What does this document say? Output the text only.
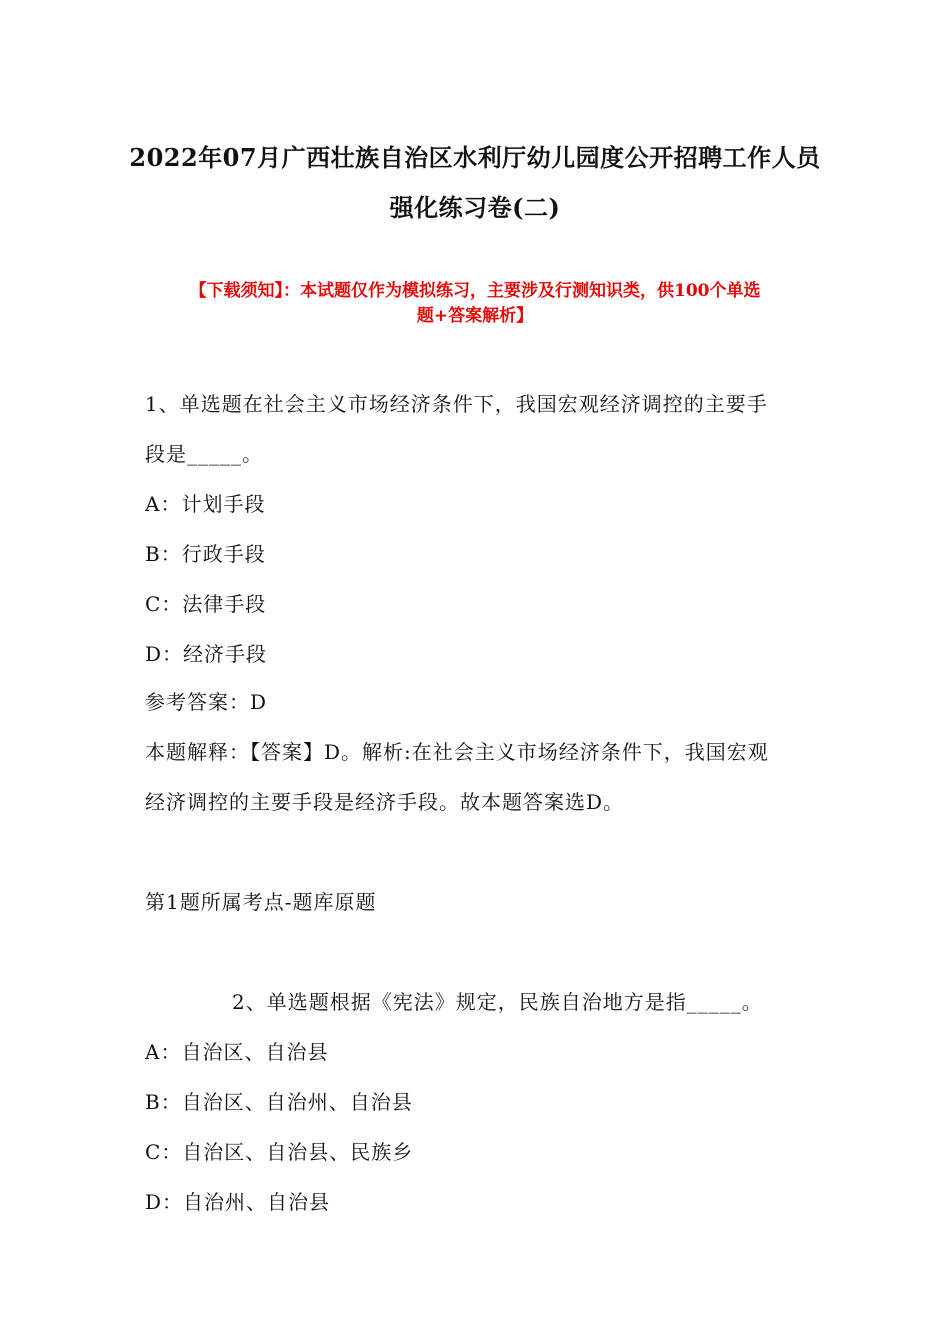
2022年07月广西壮族自治区水利厅幼儿园度公开招聘工作人员
强化练习卷(二)
【下载须知】：本试题仅作为模拟练习，主要涉及行测知识类，供100个单选
题+答案解析】
1、单选题在社会主义市场经济条件下，我国宏观经济调控的主要手
段是_____。
A：计划手段
B：行政手段
C：法律手段
D：经济手段
参考答案：D
本题解释：【答案】D。解析:在社会主义市场经济条件下，我国宏观
经济调控的主要手段是经济手段。故本题答案选D。
第1题所属考点-题库原题
2、单选题根据《宪法》规定，民族自治地方是指_____。
A：自治区、自治县
B：自治区、自治州、自治县
C：自治区、自治县、民族乡
D：自治州、自治县
